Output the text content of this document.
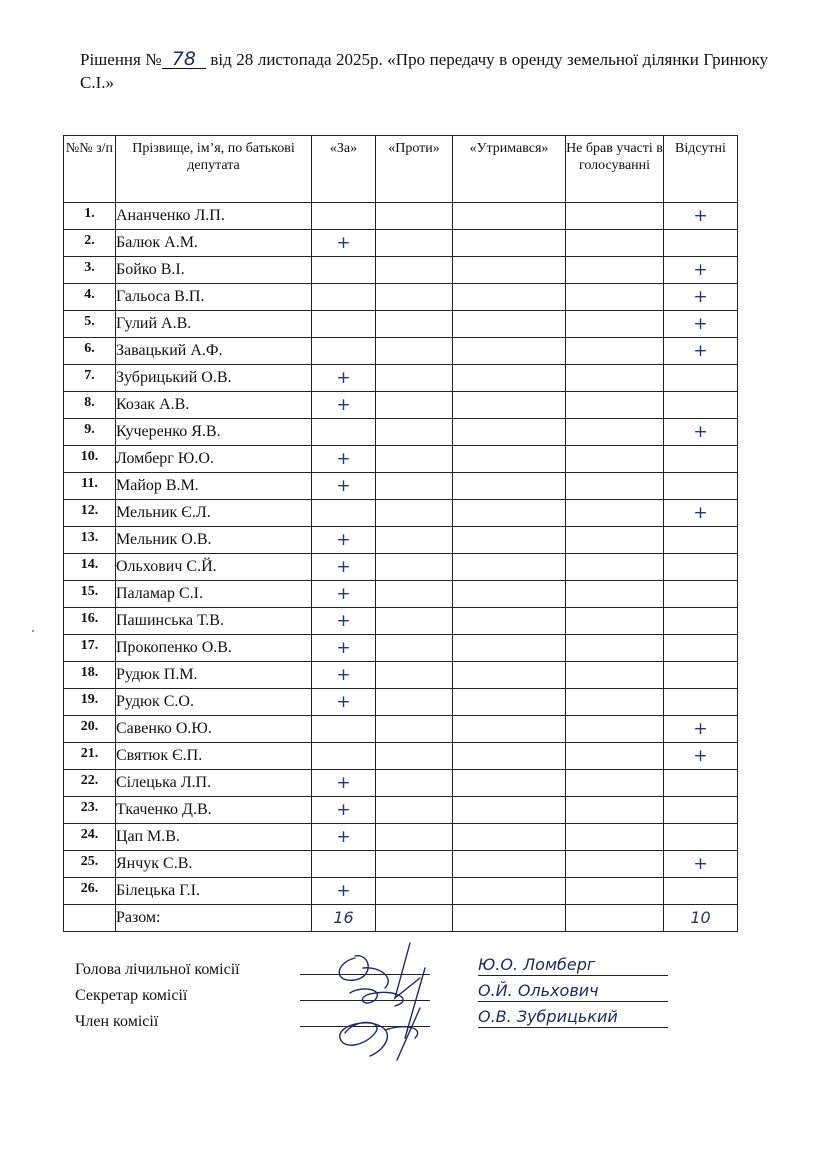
Рішення № 78 від 28 листопада 2025р. «Про передачу в оренду земельної ділянки Гринюку С.І.»
№№ з/п	Прізвище, ім’я, по батькові депутата	«За»	«Проти»	«Утримався»	Не брав участі в голосуванні	Відсутні
1.	Ананченко Л.П.					+
2.	Балюк А.М.	+				
3.	Бойко В.І.					+
4.	Гальоса В.П.					+
5.	Гулий А.В.					+
6.	Завацький А.Ф.					+
7.	Зубрицький О.В.	+				
8.	Козак А.В.	+				
9.	Кучеренко Я.В.					+
10.	Ломберг Ю.О.	+				
11.	Майор В.М.	+				
12.	Мельник Є.Л.					+
13.	Мельник О.В.	+				
14.	Ольхович С.Й.	+				
15.	Паламар С.І.	+				
16.	Пашинська Т.В.	+				
17.	Прокопенко О.В.	+				
18.	Рудюк П.М.	+				
19.	Рудюк С.О.	+				
20.	Савенко О.Ю.					+
21.	Святюк Є.П.					+
22.	Сілецька Л.П.	+				
23.	Ткаченко Д.В.	+				
24.	Цап М.В.	+				
25.	Янчук С.В.					+
26.	Білецька Г.І.	+				
	Разом:	16				10
Голова лічильної комісії
Секретар комісії
Член комісії
Ю.О. Ломберг
О.Й. Ольхович
О.В. Зубрицький
